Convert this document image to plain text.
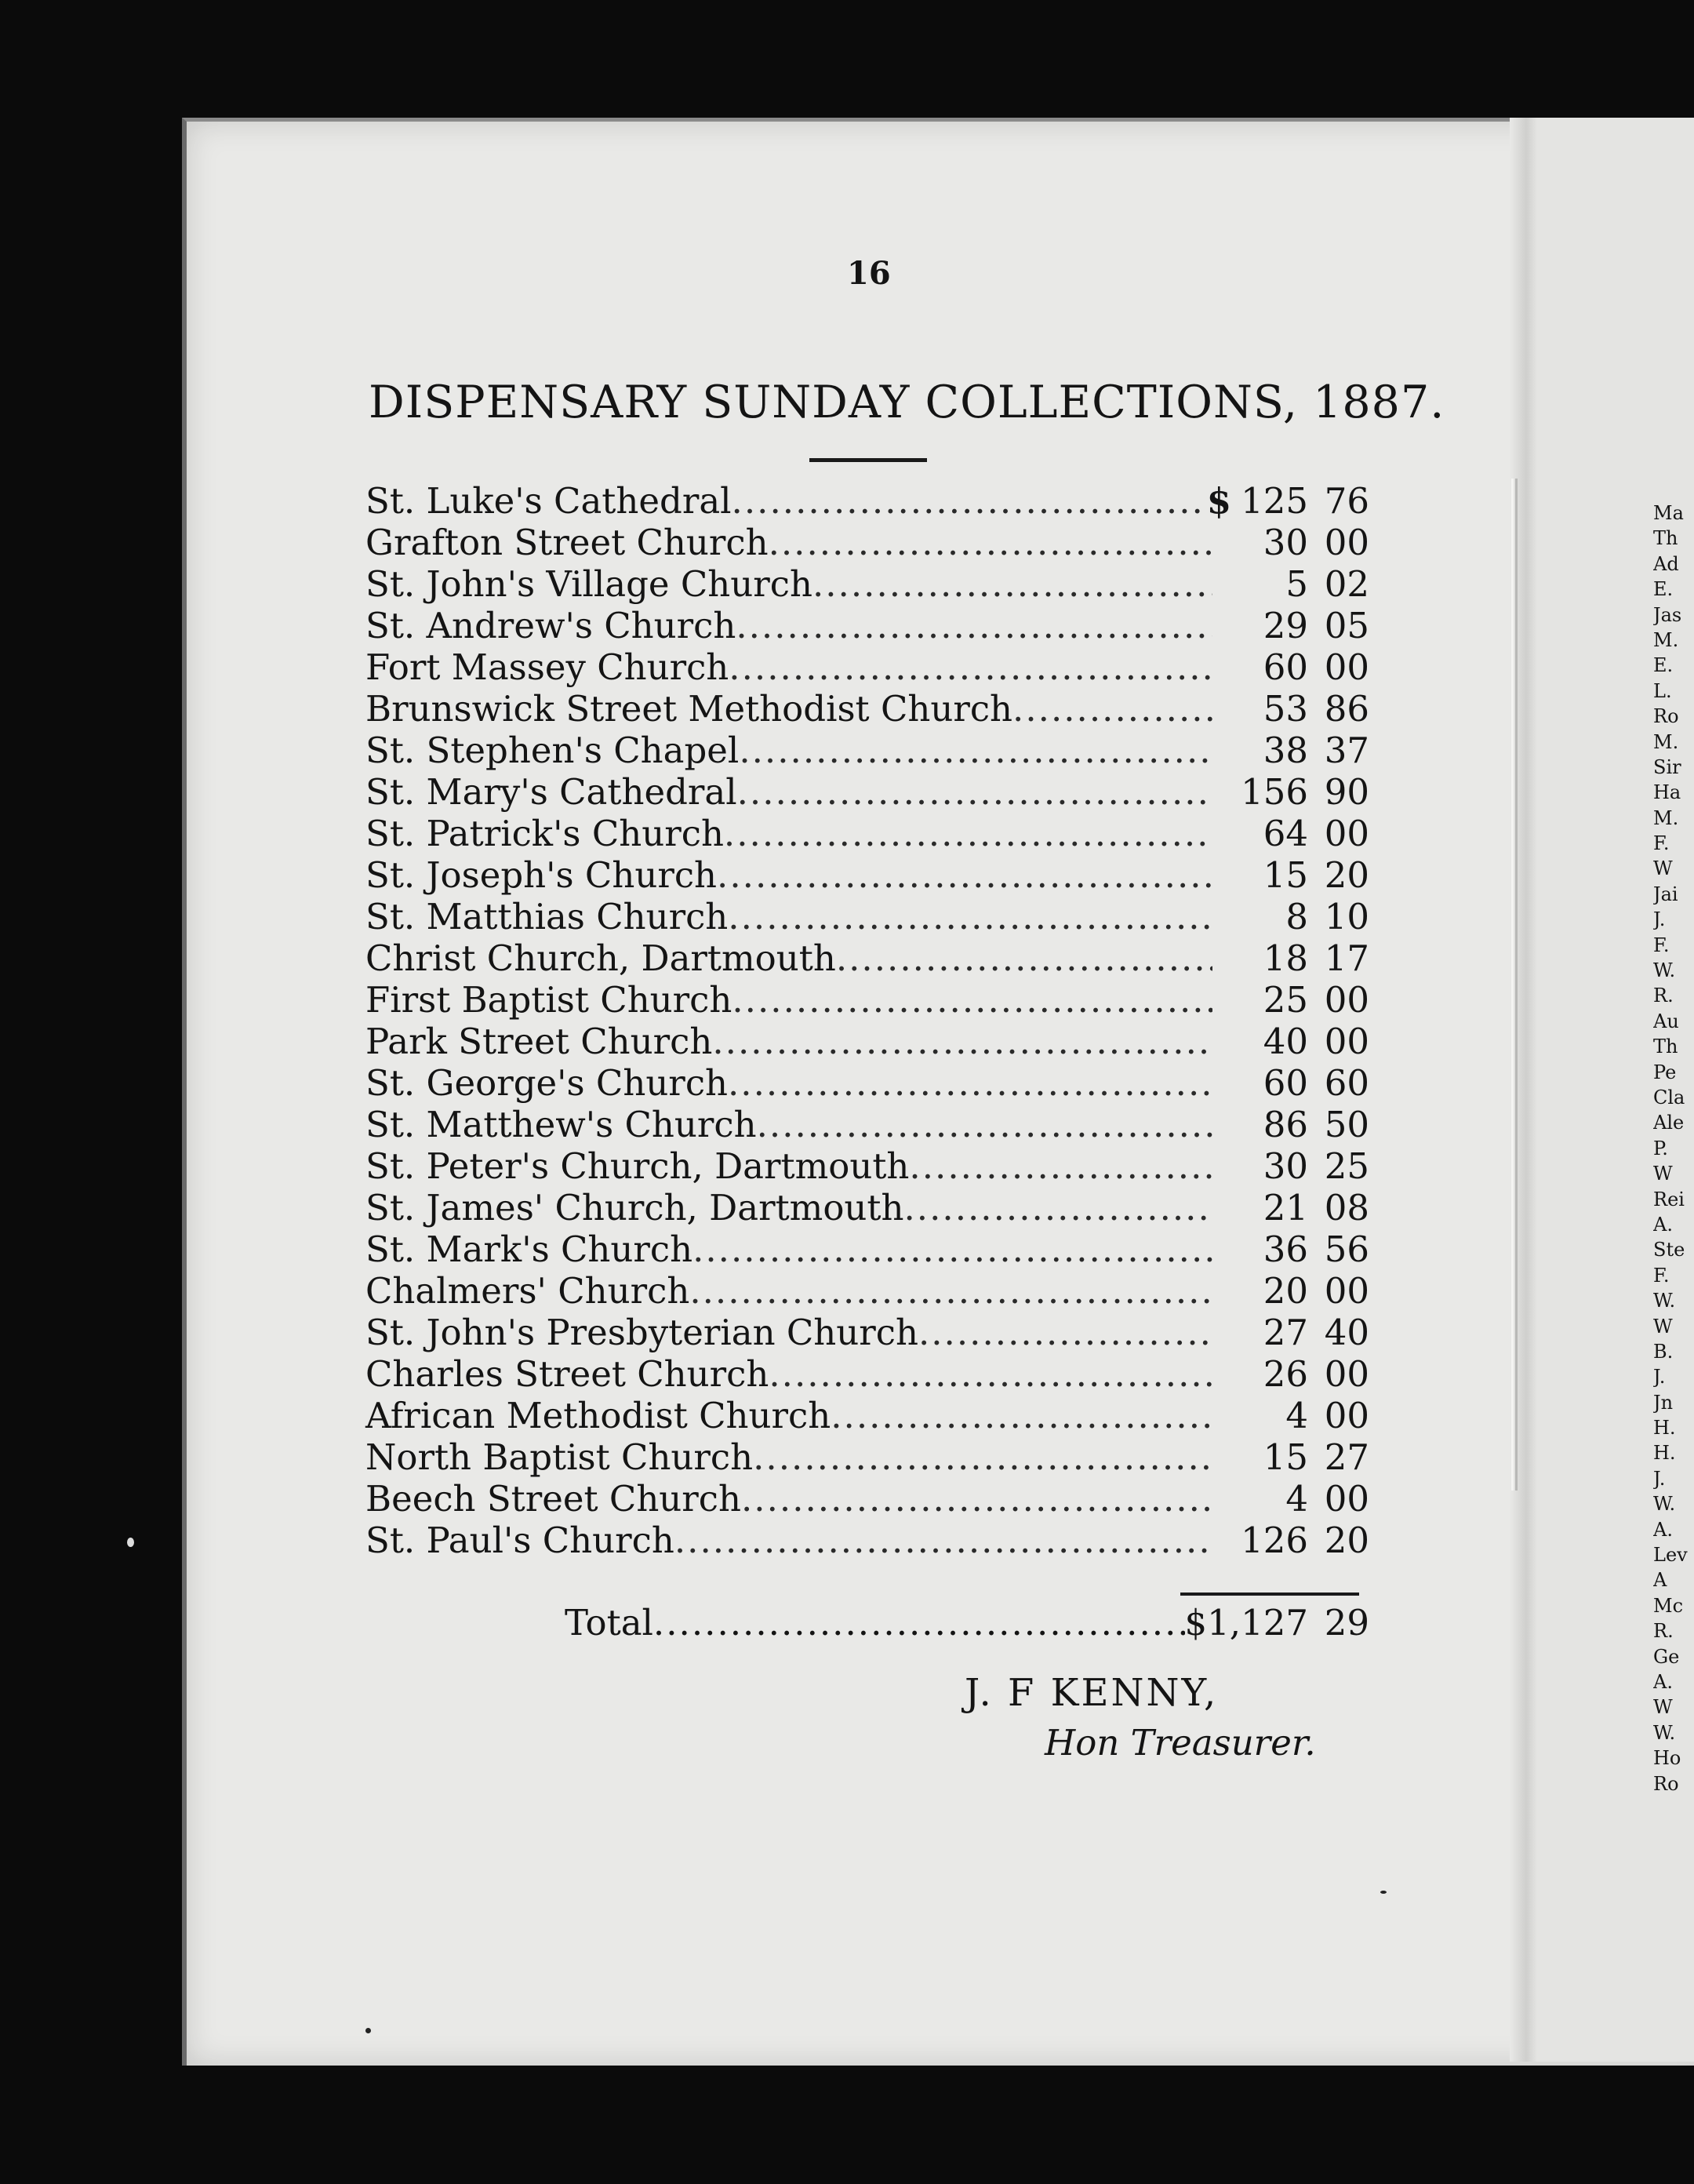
16
DISPENSARY SUNDAY COLLECTIONS, 1887.
St. Luke's Cathedral .....	$ 125 76
Grafton Street Church .....	30 00
St. John's Village Church .....	5 02
St. Andrew's Church .....	29 05
Fort Massey Church .....	60 00
Brunswick Street Methodist Church .....	53 86
St. Stephen's Chapel .....	38 37
St. Mary's Cathedral .....	156 90
St. Patrick's Church .....	64 00
St. Joseph's Church .....	15 20
St. Matthias Church .....	8 10
Christ Church, Dartmouth .....	18 17
First Baptist Church .....	25 00
Park Street Church .....	40 00
St. George's Church .....	60 60
St. Matthew's Church .....	86 50
St. Peter's Church, Dartmouth .....	30 25
St. James' Church, Dartmouth .....	21 08
St. Mark's Church .....	36 56
Chalmers' Church .....	20 00
St. John's Presbyterian Church .....	27 40
Charles Street Church .....	26 00
African Methodist Church .....	4 00
North Baptist Church .....	15 27
Beech Street Church .....	4 00
St. Paul's Church .....	126 20
Total .....	$1,127 29
J. F KENNY,
Hon Treasurer.
Ma
Th
Ad
E.
Jas
M.
E.
L.
Ro
M.
Sir
Ha
M.
F.
W
Jai
J.
F.
W.
R.
Au
Th
Pe
Cla
Ale
P.
W
Rei
A.
Ste
F.
W.
W
B.
J.
Jn
H.
H.
J.
W.
A.
Lev
A
Mc
R.
Ge
A.
W
W.
Ho
Ro
